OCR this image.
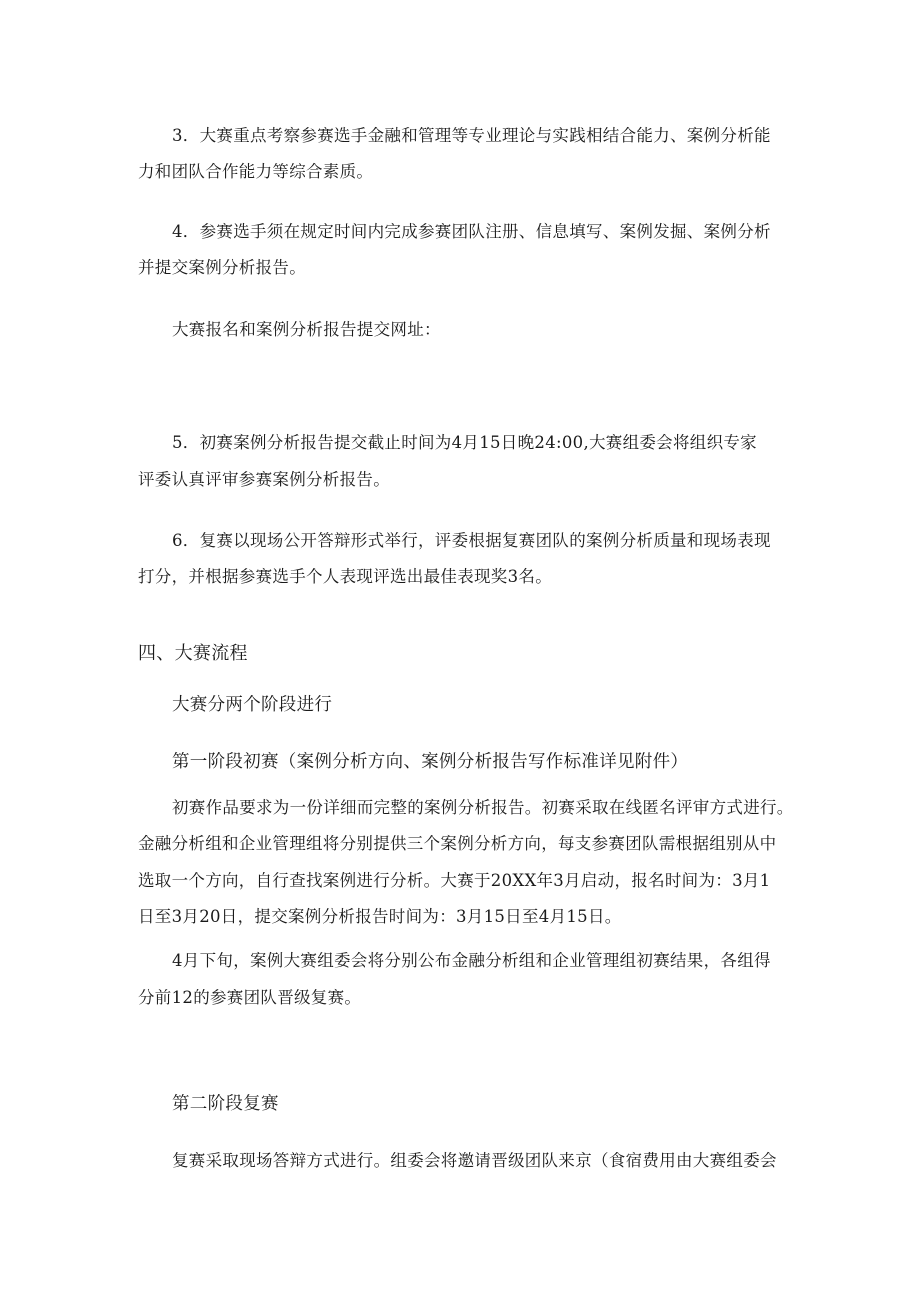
3．大赛重点考察参赛选手金融和管理等专业理论与实践相结合能力、案例分析能
力和团队合作能力等综合素质。
4．参赛选手须在规定时间内完成参赛团队注册、信息填写、案例发掘、案例分析
并提交案例分析报告。
大赛报名和案例分析报告提交网址：
5．初赛案例分析报告提交截止时间为4月15日晚24:00,大赛组委会将组织专家
评委认真评审参赛案例分析报告。
6．复赛以现场公开答辩形式举行，评委根据复赛团队的案例分析质量和现场表现
打分，并根据参赛选手个人表现评选出最佳表现奖3名。
四、大赛流程
大赛分两个阶段进行
第一阶段初赛（案例分析方向、案例分析报告写作标准详见附件）
初赛作品要求为一份详细而完整的案例分析报告。初赛采取在线匿名评审方式进行。
金融分析组和企业管理组将分别提供三个案例分析方向，每支参赛团队需根据组别从中
选取一个方向，自行查找案例进行分析。大赛于20XX年3月启动，报名时间为：3月1
日至3月20日，提交案例分析报告时间为：3月15日至4月15日。
4月下旬，案例大赛组委会将分别公布金融分析组和企业管理组初赛结果，各组得
分前12的参赛团队晋级复赛。
第二阶段复赛
复赛采取现场答辩方式进行。组委会将邀请晋级团队来京（食宿费用由大赛组委会
